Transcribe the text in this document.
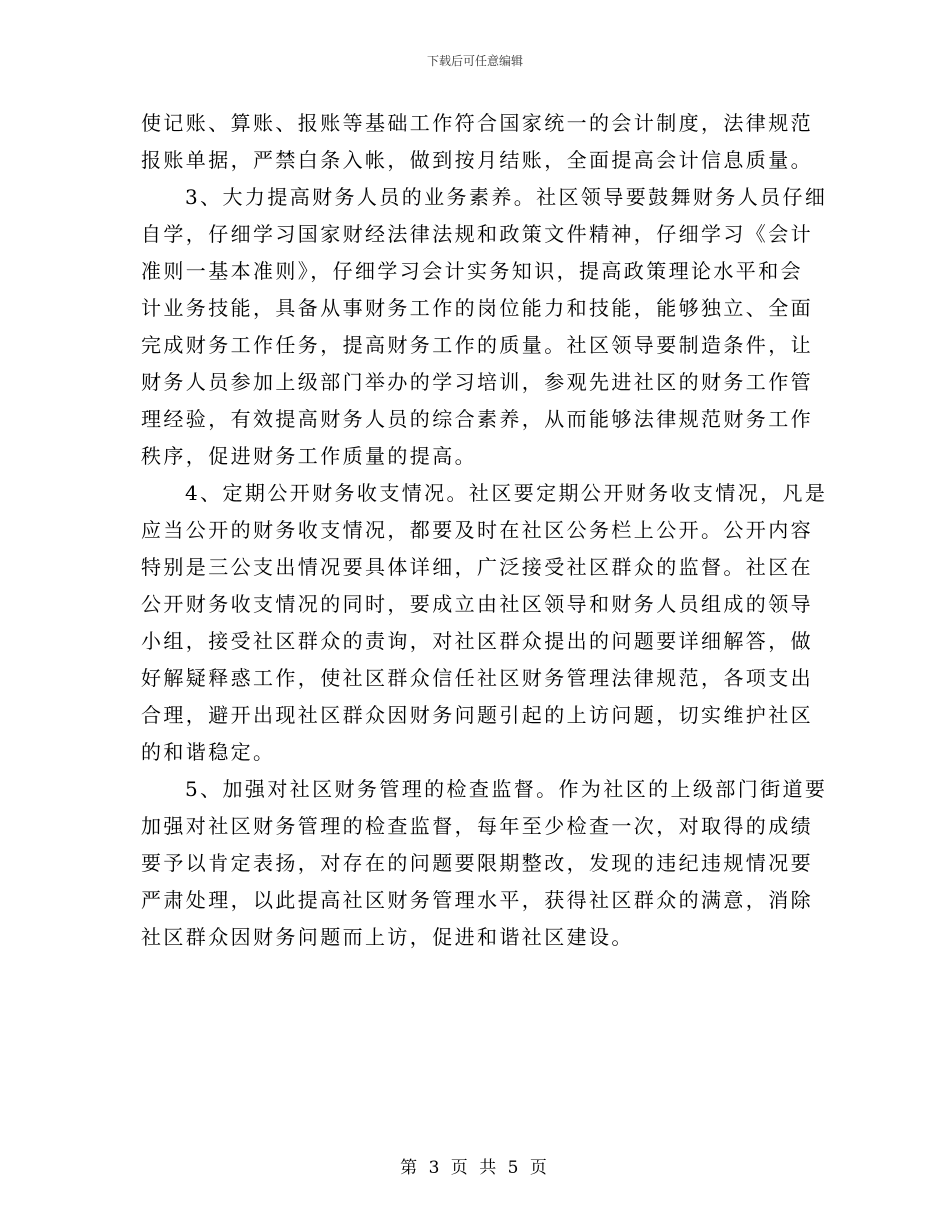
下载后可任意编辑
使记账、算账、报账等基础工作符合国家统一的会计制度，法律规范
报账单据，严禁白条入帐，做到按月结账，全面提高会计信息质量。
3、大力提高财务人员的业务素养。社区领导要鼓舞财务人员仔细
自学，仔细学习国家财经法律法规和政策文件精神，仔细学习《会计
准则一基本准则》，仔细学习会计实务知识，提高政策理论水平和会
计业务技能，具备从事财务工作的岗位能力和技能，能够独立、全面
完成财务工作任务，提高财务工作的质量。社区领导要制造条件，让
财务人员参加上级部门举办的学习培训，参观先进社区的财务工作管
理经验，有效提高财务人员的综合素养，从而能够法律规范财务工作
秩序，促进财务工作质量的提高。
4、定期公开财务收支情况。社区要定期公开财务收支情况，凡是
应当公开的财务收支情况，都要及时在社区公务栏上公开。公开内容
特别是三公支出情况要具体详细，广泛接受社区群众的监督。社区在
公开财务收支情况的同时，要成立由社区领导和财务人员组成的领导
小组，接受社区群众的责询，对社区群众提出的问题要详细解答，做
好解疑释惑工作，使社区群众信任社区财务管理法律规范，各项支出
合理，避开出现社区群众因财务问题引起的上访问题，切实维护社区
的和谐稳定。
5、加强对社区财务管理的检查监督。作为社区的上级部门街道要
加强对社区财务管理的检查监督，每年至少检查一次，对取得的成绩
要予以肯定表扬，对存在的问题要限期整改，发现的违纪违规情况要
严肃处理，以此提高社区财务管理水平，获得社区群众的满意，消除
社区群众因财务问题而上访，促进和谐社区建设。
第 3 页 共 5 页
